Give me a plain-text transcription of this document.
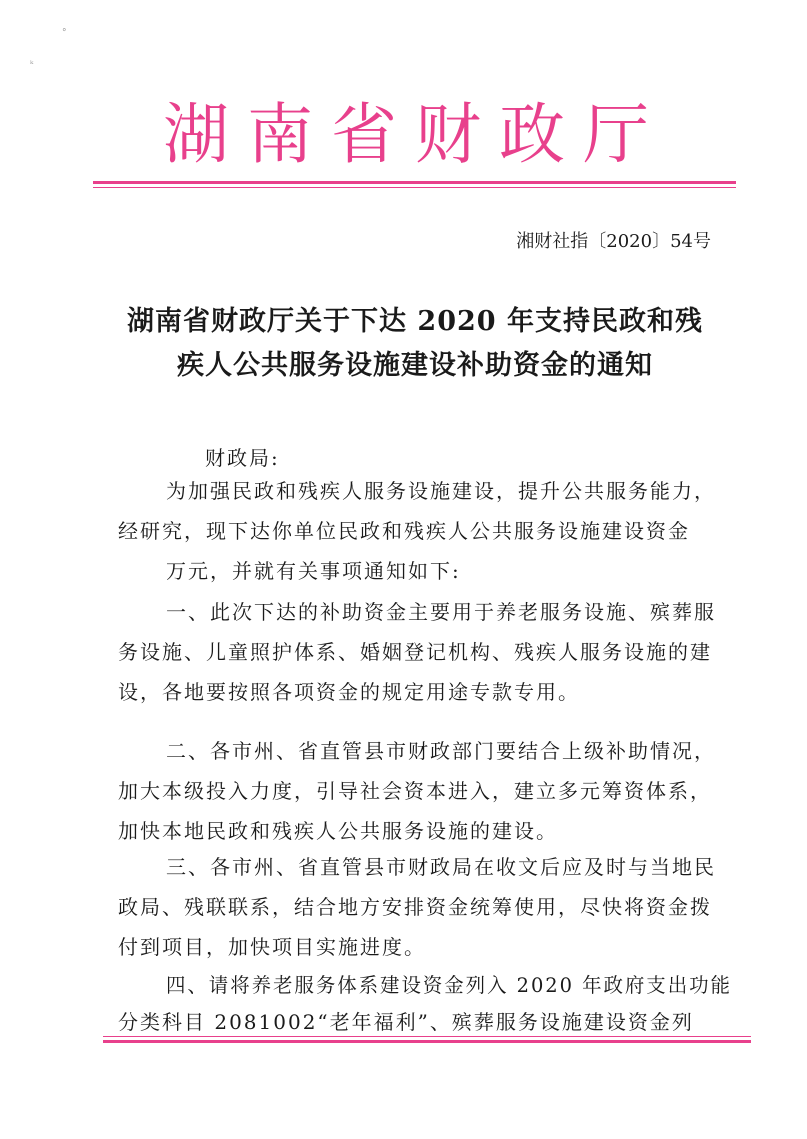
°
ᵏ
湖南省财政厅
湘财社指〔2020〕54号
湖南省财政厅关于下达 2020 年支持民政和残
疾人公共服务设施建设补助资金的通知
财政局:
为加强民政和残疾人服务设施建设，提升公共服务能力，
经研究，现下达你单位民政和残疾人公共服务设施建设资金
万元，并就有关事项通知如下:
一、此次下达的补助资金主要用于养老服务设施、殡葬服
务设施、儿童照护体系、婚姻登记机构、残疾人服务设施的建
设，各地要按照各项资金的规定用途专款专用。
二、各市州、省直管县市财政部门要结合上级补助情况，
加大本级投入力度，引导社会资本进入，建立多元筹资体系，
加快本地民政和残疾人公共服务设施的建设。
三、各市州、省直管县市财政局在收文后应及时与当地民
政局、残联联系，结合地方安排资金统筹使用，尽快将资金拨
付到项目，加快项目实施进度。
四、请将养老服务体系建设资金列入 2020 年政府支出功能
分类科目 2081002“老年福利”、殡葬服务设施建设资金列
